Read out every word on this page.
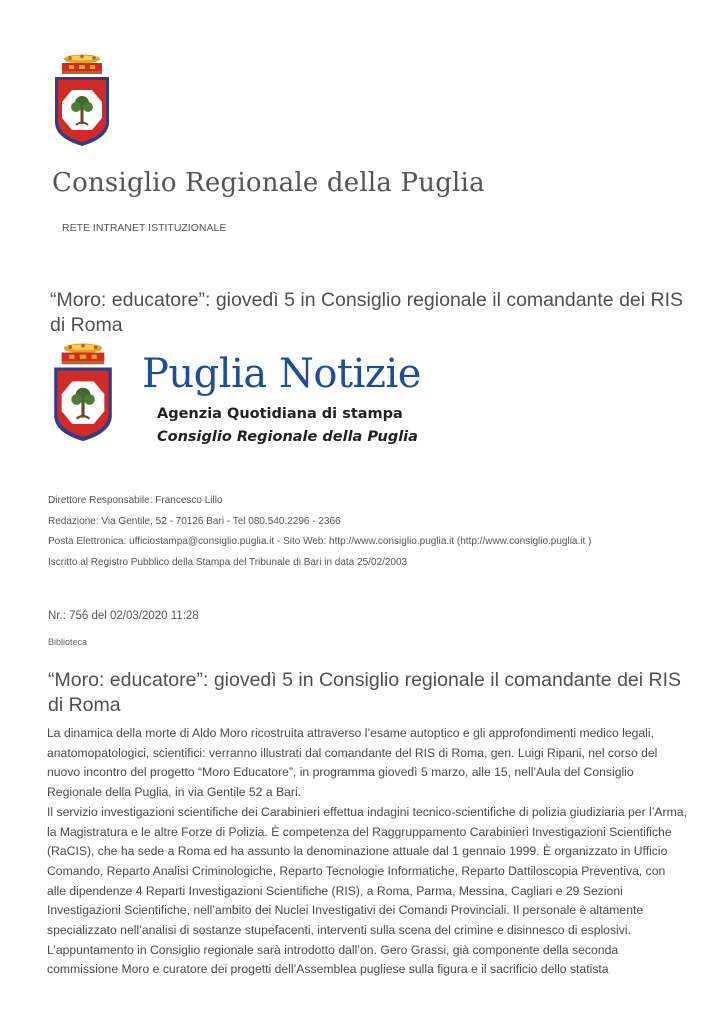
Consiglio Regionale della Puglia
RETE INTRANET ISTITUZIONALE
“Moro: educatore”: giovedì 5 in Consiglio regionale il comandante dei RIS di Roma
Puglia Notizie
Agenzia Quotidiana di stampa
Consiglio Regionale della Puglia
Direttore Responsabile: Francesco Lillo
Redazione: Via Gentile, 52 - 70126 Bari - Tel 080.540.2296 - 2366
Posta Elettronica: ufficiostampa@consiglio.puglia.it - Sito Web: http://www.consiglio.puglia.it (http://www.consiglio.puglia.it )
Iscritto al Registro Pubblico della Stampa del Tribunale di Bari in data 25/02/2003
Nr.: 756 del 02/03/2020 11:28
Biblioteca
“Moro: educatore”: giovedì 5 in Consiglio regionale il comandante dei RIS di Roma

La dinamica della morte di Aldo Moro ricostruita attraverso l’esame autoptico e gli approfondimenti medico legali, anatomopatologici, scientifici: verranno illustrati dal comandante del RIS di Roma, gen. Luigi Ripani, nel corso del nuovo incontro del progetto “Moro Educatore”, in programma giovedì 5 marzo, alle 15, nell’Aula del Consiglio Regionale della Puglia, in via Gentile 52 a Bari.

Il servizio investigazioni scientifiche dei Carabinieri effettua indagini tecnico-scientifiche di polizia giudiziaria per l’Arma, la Magistratura e le altre Forze di Polizia. È competenza del Raggruppamento Carabinieri Investigazioni Scientifiche (RaCIS), che ha sede a Roma ed ha assunto la denominazione attuale dal 1 gennaio 1999. È organizzato in Ufficio Comando, Reparto Analisi Criminologiche, Reparto Tecnologie Informatiche, Reparto Dattiloscopia Preventiva, con alle dipendenze 4 Reparti Investigazioni Scientifiche (RIS), a Roma, Parma, Messina, Cagliari e 29 Sezioni Investigazioni Scientifiche, nell’ambito dei Nuclei Investigativi dei Comandi Provinciali. Il personale è altamente specializzato nell’analisi di sostanze stupefacenti, interventi sulla scena del crimine e disinnesco di esplosivi.

L’appuntamento in Consiglio regionale sarà introdotto dall’on. Gero Grassi, già componente della seconda commissione Moro e curatore dei progetti dell’Assemblea pugliese sulla figura e il sacrificio dello statista
